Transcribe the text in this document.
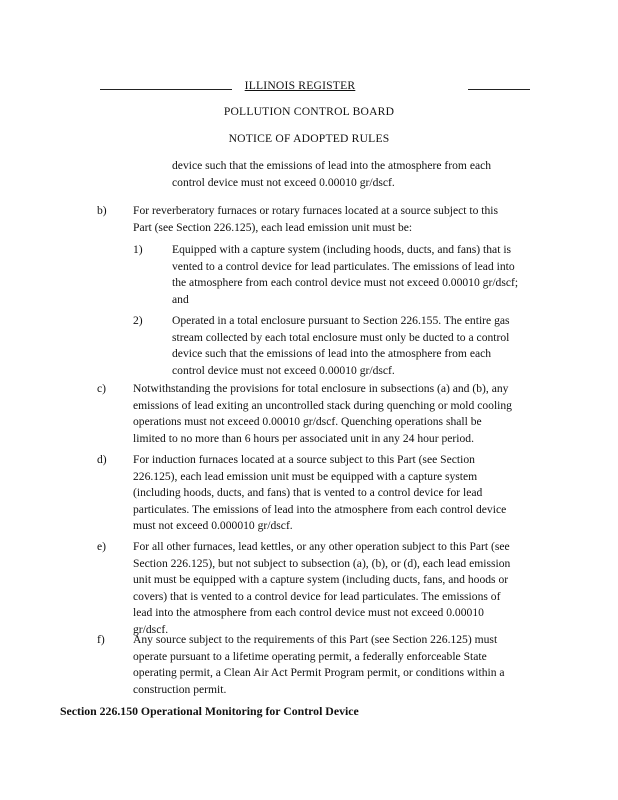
ILLINOIS REGISTER
POLLUTION CONTROL BOARD
NOTICE OF ADOPTED RULES
device such that the emissions of lead into the atmosphere from each
control device must not exceed 0.00010 gr/dscf.
b) For reverberatory furnaces or rotary furnaces located at a source subject to this
Part (see Section 226.125), each lead emission unit must be:
1)	Equipped with a capture system (including hoods, ducts, and fans) that is
vented to a control device for lead particulates. The emissions of lead into
the atmosphere from each control device must not exceed 0.00010 gr/dscf;
and
2)	Operated in a total enclosure pursuant to Section 226.155. The entire gas
stream collected by each total enclosure must only be ducted to a control
device such that the emissions of lead into the atmosphere from each
control device must not exceed 0.00010 gr/dscf.
c) Notwithstanding the provisions for total enclosure in subsections (a) and (b), any
emissions of lead exiting an uncontrolled stack during quenching or mold cooling
operations must not exceed 0.00010 gr/dscf. Quenching operations shall be
limited to no more than 6 hours per associated unit in any 24 hour period.
d) For induction furnaces located at a source subject to this Part (see Section
226.125), each lead emission unit must be equipped with a capture system
(including hoods, ducts, and fans) that is vented to a control device for lead
particulates. The emissions of lead into the atmosphere from each control device
must not exceed 0.000010 gr/dscf.
e) For all other furnaces, lead kettles, or any other operation subject to this Part (see
Section 226.125), but not subject to subsection (a), (b), or (d), each lead emission
unit must be equipped with a capture system (including ducts, fans, and hoods or
covers) that is vented to a control device for lead particulates. The emissions of
lead into the atmosphere from each control device must not exceed 0.00010
gr/dscf.
f) Any source subject to the requirements of this Part (see Section 226.125) must
operate pursuant to a lifetime operating permit, a federally enforceable State
operating permit, a Clean Air Act Permit Program permit, or conditions within a
construction permit.
Section 226.150 Operational Monitoring for Control Device
